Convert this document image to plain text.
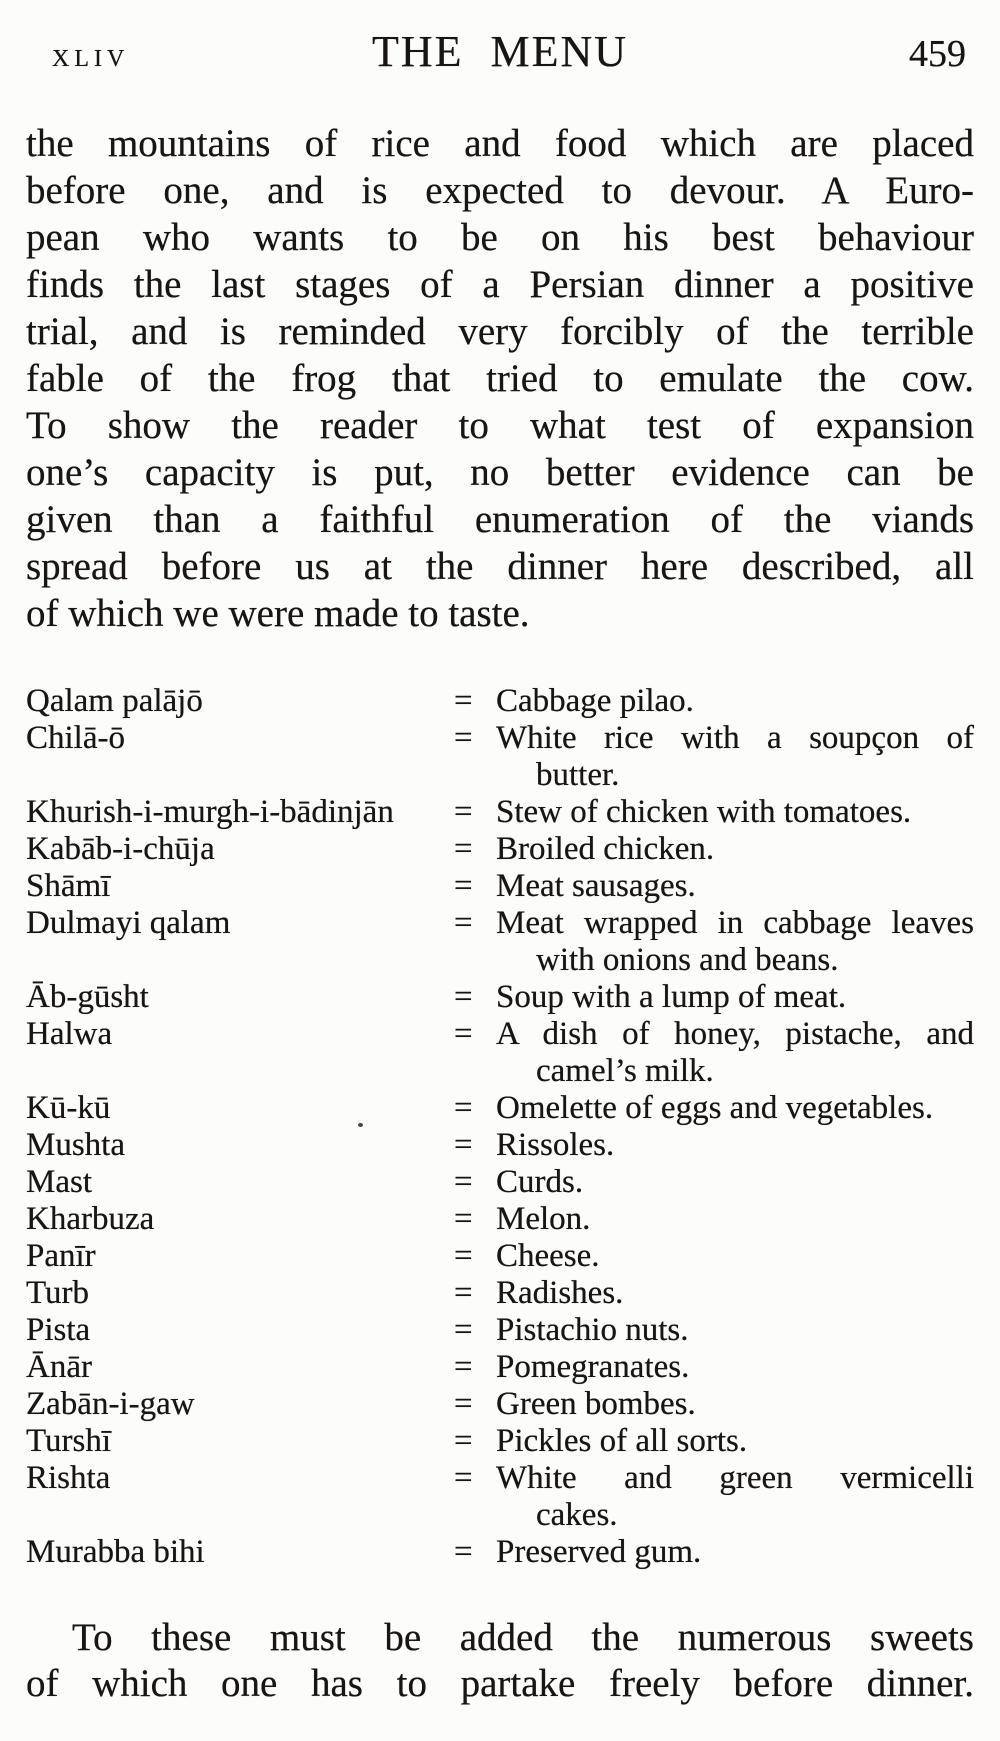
XLIV	THE MENU	459
the mountains of rice and food which are placed
before one, and is expected to devour. A Euro-
pean who wants to be on his best behaviour
finds the last stages of a Persian dinner a positive
trial, and is reminded very forcibly of the terrible
fable of the frog that tried to emulate the cow.
To show the reader to what test of expansion
one’s capacity is put, no better evidence can be
given than a faithful enumeration of the viands
spread before us at the dinner here described, all
of which we were made to taste.
Qalam palājō	= Cabbage pilao.
Chilā-ō	= White rice with a soupçon of
butter.
Khurish-i-murgh-i-bādinjān	= Stew of chicken with tomatoes.
Kabāb-i-chūja	= Broiled chicken.
Shāmī	= Meat sausages.
Dulmayi qalam	= Meat wrapped in cabbage leaves
with onions and beans.
Āb-gūsht	= Soup with a lump of meat.
Halwa	= A dish of honey, pistache, and
camel’s milk.
Kū-kū	= Omelette of eggs and vegetables.
Mushta	= Rissoles.
Mast	= Curds.
Kharbuza	= Melon.
Panīr	= Cheese.
Turb	= Radishes.
Pista	= Pistachio nuts.
Ānār	= Pomegranates.
Zabān-i-gaw	= Green bombes.
Turshī	= Pickles of all sorts.
Rishta	= White and green vermicelli
cakes.
Murabba bihi	= Preserved gum.
To these must be added the numerous sweets
of which one has to partake freely before dinner.
